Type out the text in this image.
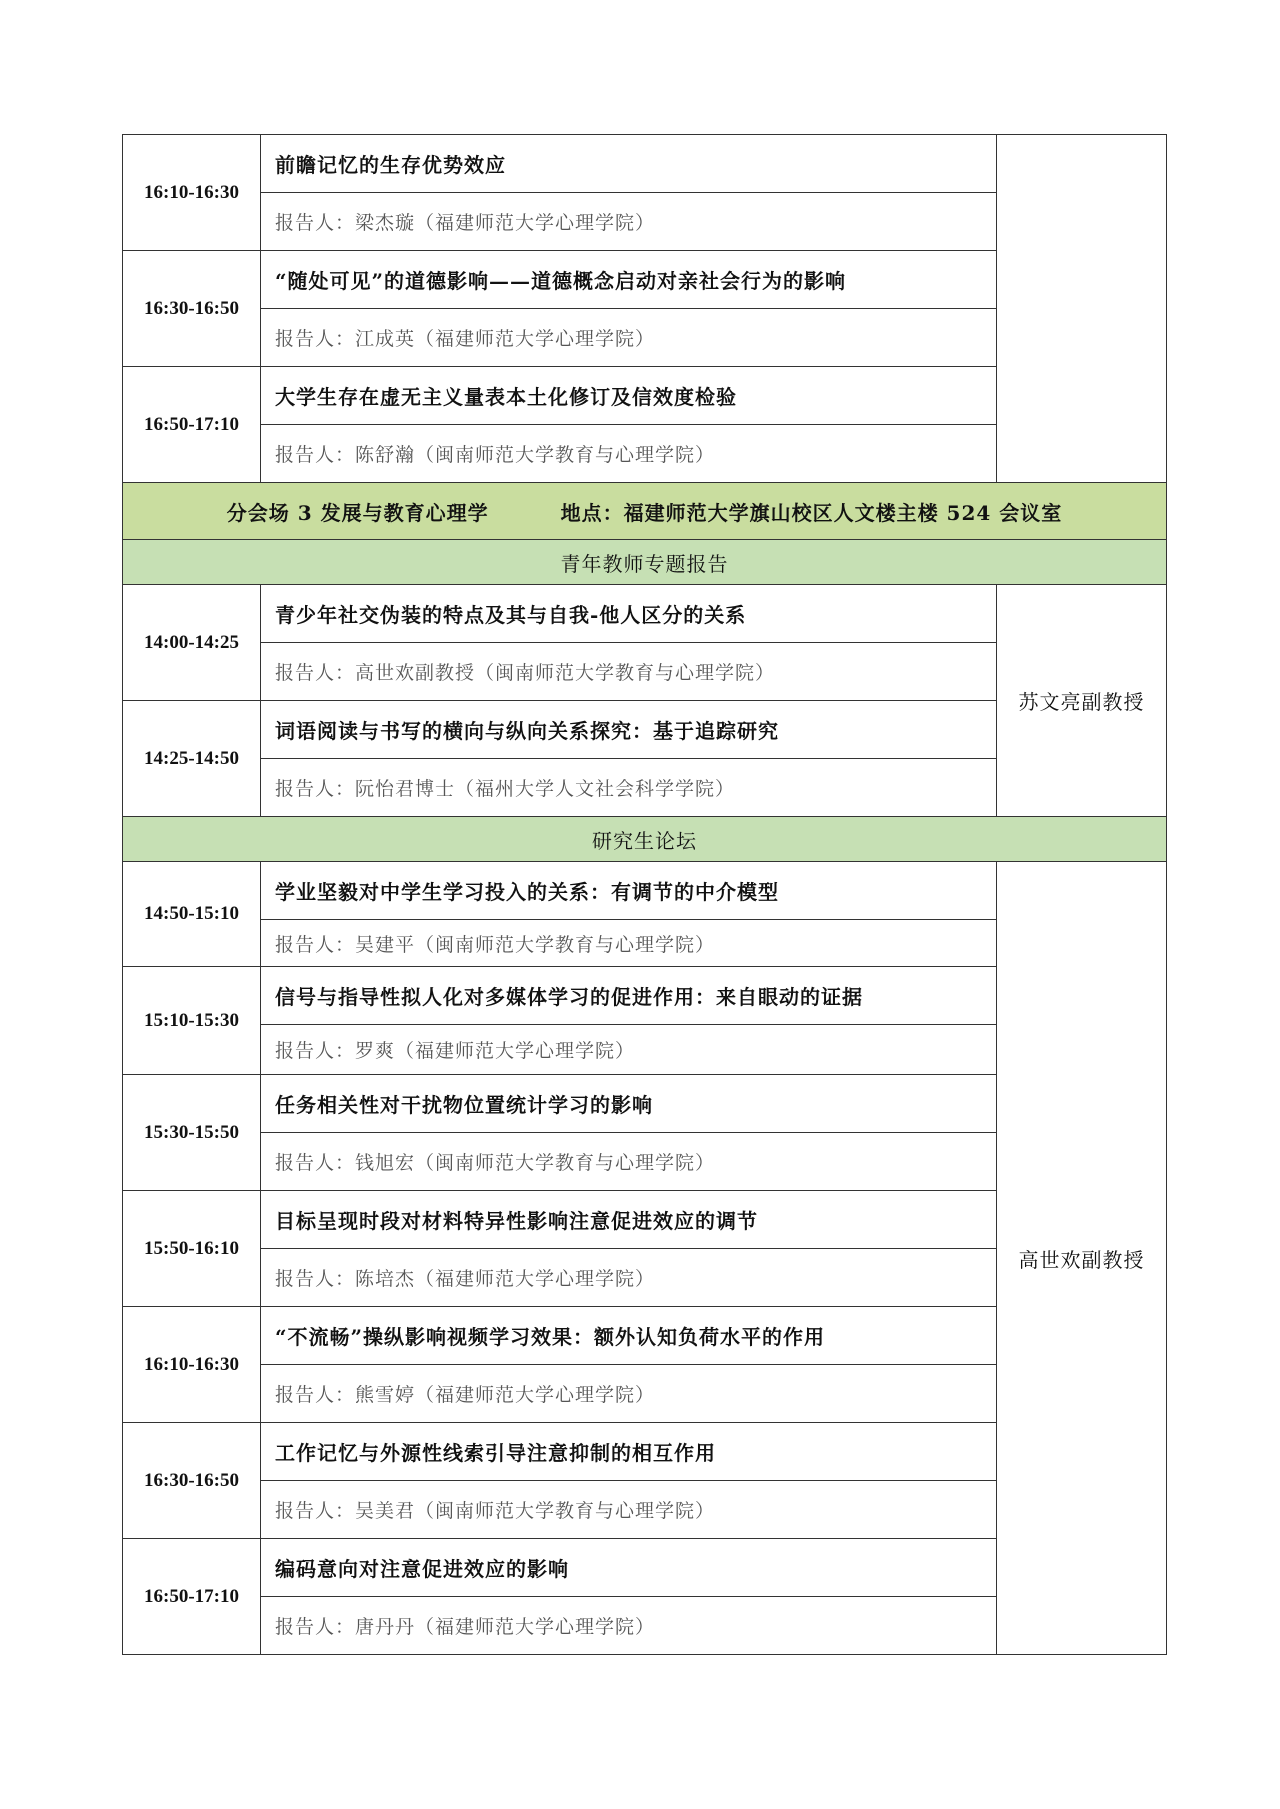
16:10-16:30	前瞻记忆的生存优势效应	
	报告人：梁杰璇（福建师范大学心理学院）	
16:30-16:50	“随处可见”的道德影响——道德概念启动对亲社会行为的影响	
	报告人：江成英（福建师范大学心理学院）	
16:50-17:10	大学生存在虚无主义量表本土化修订及信效度检验	
	报告人：陈舒瀚（闽南师范大学教育与心理学院）	
分会场 3 发展与教育心理学 地点：福建师范大学旗山校区人文楼主楼 524 会议室		
青年教师专题报告		
14:00-14:25	青少年社交伪装的特点及其与自我-他人区分的关系	苏文亮副教授
	报告人：高世欢副教授（闽南师范大学教育与心理学院）	
14:25-14:50	词语阅读与书写的横向与纵向关系探究：基于追踪研究	
	报告人：阮怡君博士（福州大学人文社会科学学院）	
研究生论坛		
14:50-15:10	学业坚毅对中学生学习投入的关系：有调节的中介模型	高世欢副教授
	报告人：吴建平（闽南师范大学教育与心理学院）	
15:10-15:30	信号与指导性拟人化对多媒体学习的促进作用：来自眼动的证据	
	报告人：罗爽（福建师范大学心理学院）	
15:30-15:50	任务相关性对干扰物位置统计学习的影响	
	报告人：钱旭宏（闽南师范大学教育与心理学院）	
15:50-16:10	目标呈现时段对材料特异性影响注意促进效应的调节	
	报告人：陈培杰（福建师范大学心理学院）	
16:10-16:30	“不流畅”操纵影响视频学习效果：额外认知负荷水平的作用	
	报告人：熊雪婷（福建师范大学心理学院）	
16:30-16:50	工作记忆与外源性线索引导注意抑制的相互作用	
	报告人：吴美君（闽南师范大学教育与心理学院）	
16:50-17:10	编码意向对注意促进效应的影响	
	报告人：唐丹丹（福建师范大学心理学院）	
